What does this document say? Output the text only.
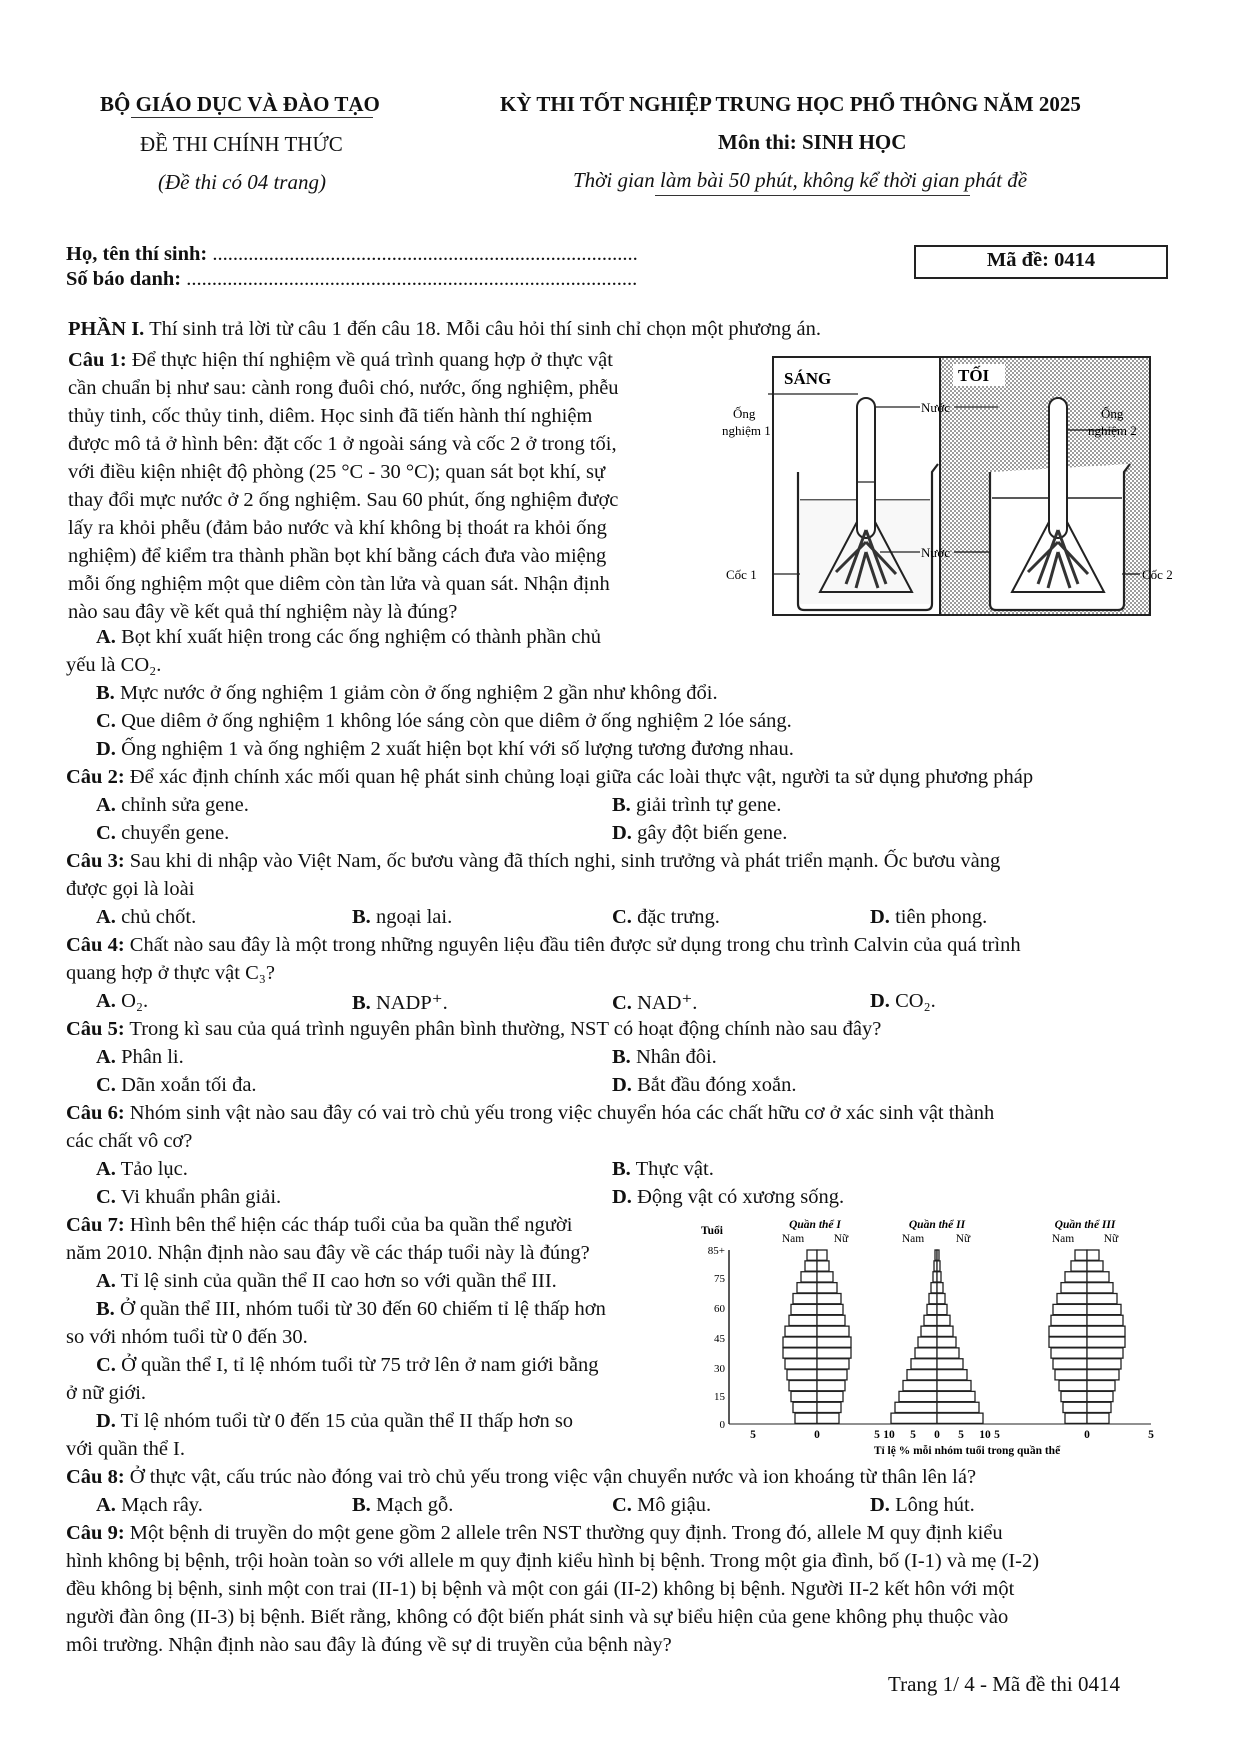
BỘ GIÁO DỤC VÀ ĐÀO TẠO
ĐỀ THI CHÍNH THỨC
(Đề thi có 04 trang)
KỲ THI TỐT NGHIỆP TRUNG HỌC PHỔ THÔNG NĂM 2025
Môn thi: SINH HỌC
Thời gian làm bài 50 phút, không kể thời gian phát đề
Họ, tên thí sinh: ...................................................................................
Số báo danh: ........................................................................................
Mã đề: 0414
PHẦN I. Thí sinh trả lời từ câu 1 đến câu 18. Mỗi câu hỏi thí sinh chỉ chọn một phương án.
Câu 1: Để thực hiện thí nghiệm về quá trình quang hợp ở thực vật
cần chuẩn bị như sau: cành rong đuôi chó, nước, ống nghiệm, phễu
thủy tinh, cốc thủy tinh, diêm. Học sinh đã tiến hành thí nghiệm
được mô tả ở hình bên: đặt cốc 1 ở ngoài sáng và cốc 2 ở trong tối,
với điều kiện nhiệt độ phòng (25 °C - 30 °C); quan sát bọt khí, sự
thay đổi mực nước ở 2 ống nghiệm. Sau 60 phút, ống nghiệm được
lấy ra khỏi phễu (đảm bảo nước và khí không bị thoát ra khỏi ống
nghiệm) để kiểm tra thành phần bọt khí bằng cách đưa vào miệng
mỗi ống nghiệm một que diêm còn tàn lửa và quan sát. Nhận định
nào sau đây về kết quả thí nghiệm này là đúng?
SÁNG	TỐI
Ống
nghiệm 1
Nước	Ống
nghiệm 2
Nước
Cốc 1	Cốc 2
A. Bọt khí xuất hiện trong các ống nghiệm có thành phần chủ
yếu là CO₂.
B. Mực nước ở ống nghiệm 1 giảm còn ở ống nghiệm 2 gần như không đổi.
C. Que diêm ở ống nghiệm 1 không lóe sáng còn que diêm ở ống nghiệm 2 lóe sáng.
D. Ống nghiệm 1 và ống nghiệm 2 xuất hiện bọt khí với số lượng tương đương nhau.
Câu 2: Để xác định chính xác mối quan hệ phát sinh chủng loại giữa các loài thực vật, người ta sử dụng phương pháp
A. chỉnh sửa gene.	B. giải trình tự gene.
C. chuyển gene.	D. gây đột biến gene.
Câu 3: Sau khi di nhập vào Việt Nam, ốc bươu vàng đã thích nghi, sinh trưởng và phát triển mạnh. Ốc bươu vàng
được gọi là loài
A. chủ chốt.	B. ngoại lai.	C. đặc trưng.	D. tiên phong.
Câu 4: Chất nào sau đây là một trong những nguyên liệu đầu tiên được sử dụng trong chu trình Calvin của quá trình
quang hợp ở thực vật C₃?
A. O₂.	B. NADP⁺.	C. NAD⁺.	D. CO₂.
Câu 5: Trong kì sau của quá trình nguyên phân bình thường, NST có hoạt động chính nào sau đây?
A. Phân li.	B. Nhân đôi.
C. Dãn xoắn tối đa.	D. Bắt đầu đóng xoắn.
Câu 6: Nhóm sinh vật nào sau đây có vai trò chủ yếu trong việc chuyển hóa các chất hữu cơ ở xác sinh vật thành
các chất vô cơ?
A. Tảo lục.	B. Thực vật.
C. Vi khuẩn phân giải.	D. Động vật có xương sống.
Câu 7: Hình bên thể hiện các tháp tuổi của ba quần thể người
năm 2010. Nhận định nào sau đây về các tháp tuổi này là đúng?
A. Tỉ lệ sinh của quần thể II cao hơn so với quần thể III.
B. Ở quần thể III, nhóm tuổi từ 30 đến 60 chiếm tỉ lệ thấp hơn
so với nhóm tuổi từ 0 đến 30.
C. Ở quần thể I, tỉ lệ nhóm tuổi từ 75 trở lên ở nam giới bằng
ở nữ giới.
D. Tỉ lệ nhóm tuổi từ 0 đến 15 của quần thể II thấp hơn so
với quần thể I.
Tuổi
85+
75
60
45
30
15
0
Quần thể I	Quần thể II	Quần thể III
Nam	Nữ	Nam	Nữ	Nam	Nữ
5	0	5 10 5 0 5 10 5	0	5
Tỉ lệ % mỗi nhóm tuổi trong quần thể
Câu 8: Ở thực vật, cấu trúc nào đóng vai trò chủ yếu trong việc vận chuyển nước và ion khoáng từ thân lên lá?
A. Mạch rây.	B. Mạch gỗ.	C. Mô giậu.	D. Lông hút.
Câu 9: Một bệnh di truyền do một gene gồm 2 allele trên NST thường quy định. Trong đó, allele M quy định kiểu
hình không bị bệnh, trội hoàn toàn so với allele m quy định kiểu hình bị bệnh. Trong một gia đình, bố (I-1) và mẹ (I-2)
đều không bị bệnh, sinh một con trai (II-1) bị bệnh và một con gái (II-2) không bị bệnh. Người II-2 kết hôn với một
người đàn ông (II-3) bị bệnh. Biết rằng, không có đột biến phát sinh và sự biểu hiện của gene không phụ thuộc vào
môi trường. Nhận định nào sau đây là đúng về sự di truyền của bệnh này?
Trang 1/ 4 - Mã đề thi 0414
